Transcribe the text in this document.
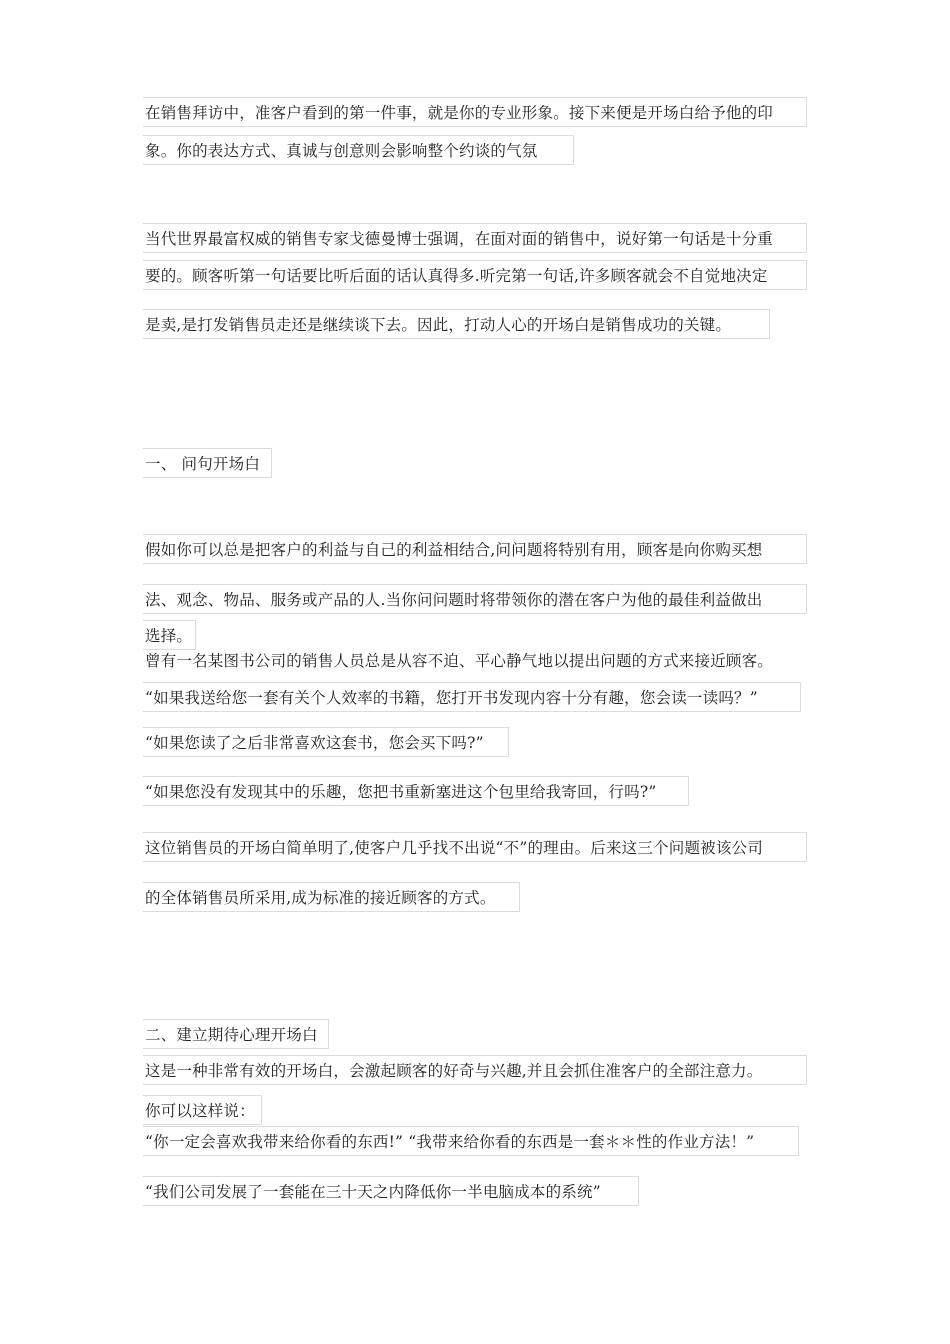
在销售拜访中，准客户看到的第一件事，就是你的专业形象。接下来便是开场白给予他的印
象。你的表达方式、真诚与创意则会影响整个约谈的气氛
当代世界最富权威的销售专家戈德曼博士强调，在面对面的销售中，说好第一句话是十分重
要的。顾客听第一句话要比听后面的话认真得多.听完第一句话,许多顾客就会不自觉地决定
是卖,是打发销售员走还是继续谈下去。因此，打动人心的开场白是销售成功的关键。
一、 问句开场白
假如你可以总是把客户的利益与自己的利益相结合,问问题将特别有用，顾客是向你购买想
法、观念、物品、服务或产品的人.当你问问题时将带领你的潜在客户为他的最佳利益做出
选择。
曾有一名某图书公司的销售人员总是从容不迫、平心静气地以提出问题的方式来接近顾客。
“如果我送给您一套有关个人效率的书籍，您打开书发现内容十分有趣，您会读一读吗？”
“如果您读了之后非常喜欢这套书，您会买下吗?”
“如果您没有发现其中的乐趣，您把书重新塞进这个包里给我寄回，行吗?”
这位销售员的开场白简单明了,使客户几乎找不出说“不”的理由。后来这三个问题被该公司
的全体销售员所采用,成为标准的接近顾客的方式。
二、建立期待心理开场白
这是一种非常有效的开场白，会激起顾客的好奇与兴趣,并且会抓住准客户的全部注意力。
你可以这样说：
“你一定会喜欢我带来给你看的东西!” “我带来给你看的东西是一套＊＊性的作业方法！”
“我们公司发展了一套能在三十天之内降低你一半电脑成本的系统”
